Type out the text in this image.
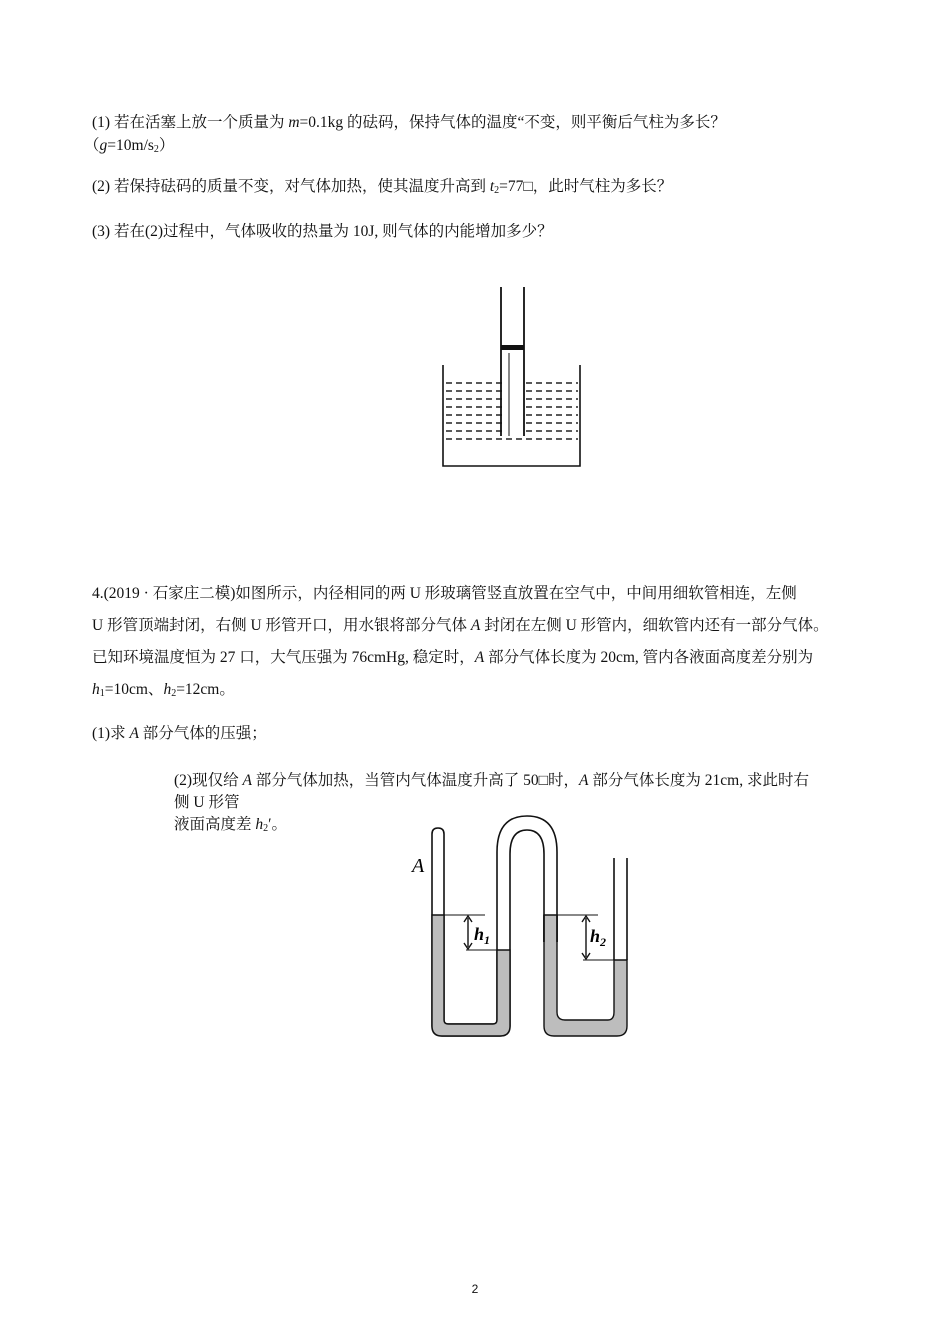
(1) 若在活塞上放一个质量为 m=0.1kg 的砝码，保持气体的温度“不变，则平衡后气柱为多长？
$(g=10m/s_2)$
(2) 若保持砝码的质量不变，对气体加热，使其温度升高到 $t_2=77□$，此时气柱为多长？
(3) 若在(2)过程中，气体吸收的热量为 10J, 则气体的内能增加多少？
4.(2019 · 石家庄二模)如图所示，内径相同的两 U 形玻璃管竖直放置在空气中，中间用细软管相连，左侧
U 形管顶端封闭，右侧 U 形管开口，用水银将部分气体 A 封闭在左侧 U 形管内，细软管内还有一部分气体。
已知环境温度恒为 27 口，大气压强为 76cmHg, 稳定时，A 部分气体长度为 20cm, 管内各液面高度差分别为
$h_1=10cm$、$h_2=12cm$。
(1)求 A 部分气体的压强；
(2)现仅给 A 部分气体加热，当管内气体温度升高了 50□时，A 部分气体长度为 21cm, 求此时右
侧 U 形管
液面高度差 $h_2'$。
A
$h_1$	$h_2$
2
